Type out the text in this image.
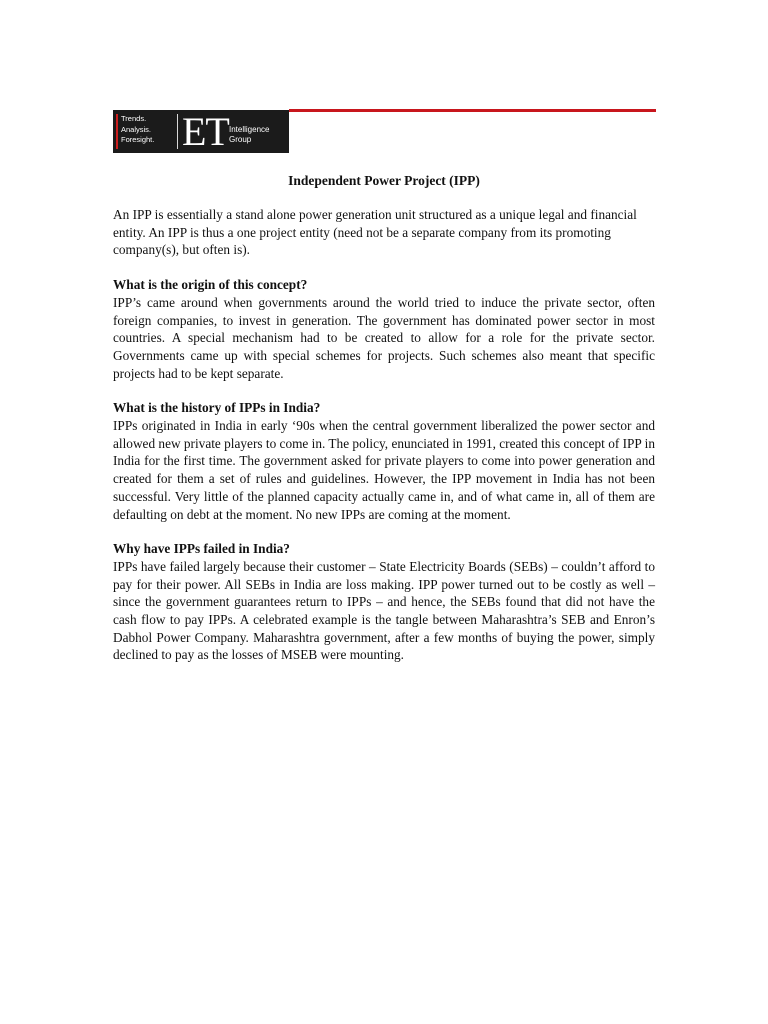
Trends.
Analysis.
Foresight. ET Intelligence
Group
Independent Power Project (IPP)

An IPP is essentially a stand alone power generation unit structured as a unique legal and financial entity. An IPP is thus a one project entity (need not be a separate company from its promoting company(s), but often is).

What is the origin of this concept?

IPP’s came around when governments around the world tried to induce the private sector, often foreign companies, to invest in generation. The government has dominated power sector in most countries. A special mechanism had to be created to allow for a role for the private sector. Governments came up with special schemes for projects. Such schemes also meant that specific projects had to be kept separate.

What is the history of IPPs in India?

IPPs originated in India in early ‘90s when the central government liberalized the power sector and allowed new private players to come in. The policy, enunciated in 1991, created this concept of IPP in India for the first time. The government asked for private players to come into power generation and created for them a set of rules and guidelines. However, the IPP movement in India has not been successful. Very little of the planned capacity actually came in, and of what came in, all of them are defaulting on debt at the moment. No new IPPs are coming at the moment.

Why have IPPs failed in India?

IPPs have failed largely because their customer – State Electricity Boards (SEBs) – couldn’t afford to pay for their power. All SEBs in India are loss making. IPP power turned out to be costly as well – since the government guarantees return to IPPs – and hence, the SEBs found that did not have the cash flow to pay IPPs. A celebrated example is the tangle between Maharashtra’s SEB and Enron’s Dabhol Power Company. Maharashtra government, after a few months of buying the power, simply declined to pay as the losses of MSEB were mounting.
